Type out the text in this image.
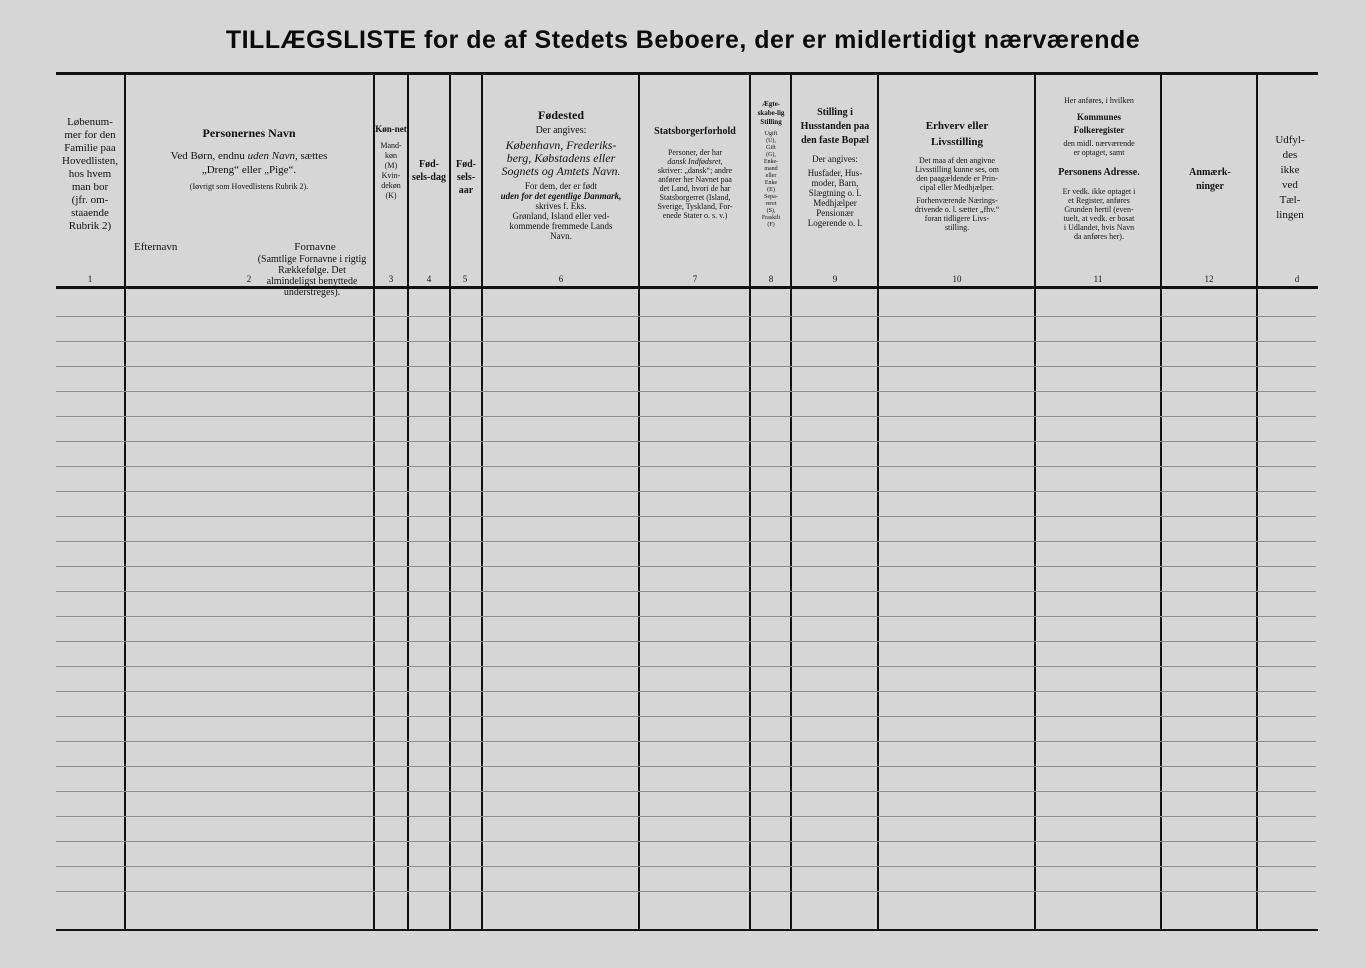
TILLÆGSLISTE for de af Stedets Beboere, der er midlertidigt nærværende
Løbenum-
mer for den
Familie paa
Hovedlisten,
hos hvem
man bor
(jfr. om-
staaende
Rubrik 2)
Personernes Navn
Ved Børn, endnu uden Navn, sættes
„Dreng“ eller „Pige“.
(Iøvrigt som Hovedlistens Rubrik 2).
Efternavn	Fornavne
(Samtlige Fornavne i rigtig Rækkefølge. Det almindeligst benyttede understreges).
Køn-net
Mand-
køn
(M)
Kvin-
dekøn
(K)
Fød-sels-dag
Fød-sels-aar
Fødested
Der angives:
København, Frederiks-
berg, Købstadens eller
Sognets og Amtets Navn.
For dem, der er født
uden for det egentlige Danmark,
skrives f. Eks.
Grønland, Island eller ved-
kommende fremmede Lands
Navn.
Statsborgerforhold
Personer, der har
dansk Indfødsret,
skriver: „dansk“; andre
anfører her Navnet paa
det Land, hvori de har
Statsborgerret (Island,
Sverige, Tyskland, For-
enede Stater o. s. v.)
Ægte-skabe-lig Stilling
Ugift
(U),
Gift
(G),
Enke-
mand
eller
Enke
(E)
Sepa-
reret
(S),
Fraskilt
(F)
Stilling i Husstanden paa den faste Bopæl
Der angives:
Husfader, Hus-
moder, Barn,
Slægtning o. l.
Medhjælper
Pensionær
Logerende o. l.
Erhverv eller Livsstilling
Det maa af den angivne
Livsstilling kunne ses, om
den paagældende er Prin-
cipal eller Medhjælper.
Forhenværende Nærings-
drivende o. l. sætter „fhv.“
foran tidligere Livs-
stilling.
Her anføres, i hvilken
Kommunes Folkeregister
den midl. nærværende
er optaget, samt
Personens Adresse.
Er vedk. ikke optaget i
et Register, anføres
Grunden hertil (even-
tuelt, at vedk. er bosat
i Udlandet, hvis Navn
da anføres her).
Anmærk-ninger
Udfyl-
des
ikke
ved
Tæl-
lingen
1	2	3	4	5	6	7	8	9	10	11	12	d
